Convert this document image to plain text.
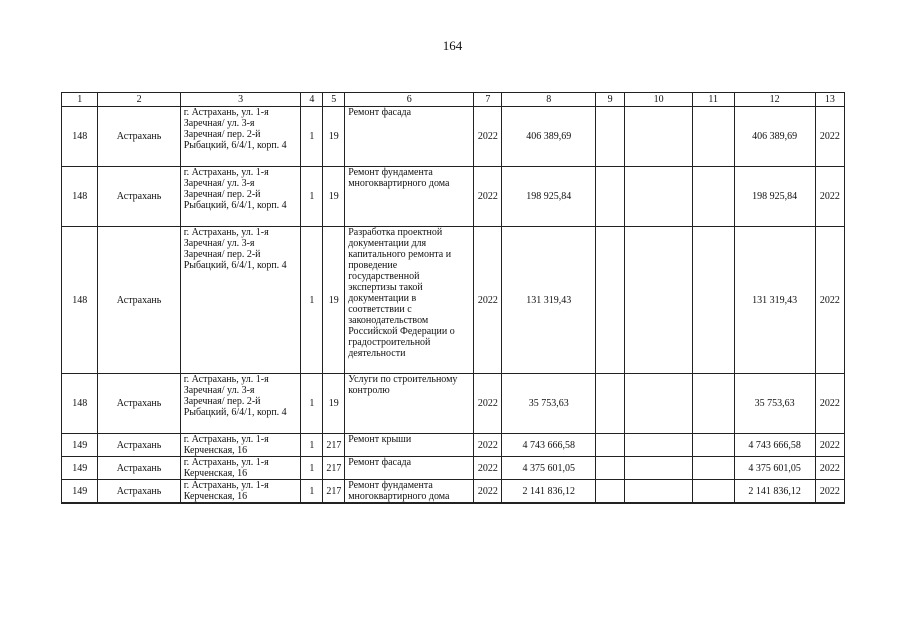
164
1	2	3	4	5	6	7	8	9	10	11	12	13
148	Астрахань	г. Астрахань, ул. 1-я Заречная/ ул. 3-я Заречная/ пер. 2-й Рыбацкий, 6/4/1, корп. 4	1	19	Ремонт фасада	2022	406 389,69				406 389,69	2022
148	Астрахань	г. Астрахань, ул. 1-я Заречная/ ул. 3-я Заречная/ пер. 2-й Рыбацкий, 6/4/1, корп. 4	1	19	Ремонт фундамента многоквартирного дома	2022	198 925,84				198 925,84	2022
148	Астрахань	г. Астрахань, ул. 1-я Заречная/ ул. 3-я Заречная/ пер. 2-й Рыбацкий, 6/4/1, корп. 4	1	19	Разработка проектной документации для капитального ремонта и проведение государственной экспертизы такой документации в соответствии с законодательством Российской Федерации о градостроительной деятельности	2022	131 319,43				131 319,43	2022
148	Астрахань	г. Астрахань, ул. 1-я Заречная/ ул. 3-я Заречная/ пер. 2-й Рыбацкий, 6/4/1, корп. 4	1	19	Услуги по строительному контролю	2022	35 753,63				35 753,63	2022
149	Астрахань	г. Астрахань, ул. 1-я Керченская, 16	1	217	Ремонт крыши	2022	4 743 666,58				4 743 666,58	2022
149	Астрахань	г. Астрахань, ул. 1-я Керченская, 16	1	217	Ремонт фасада	2022	4 375 601,05				4 375 601,05	2022
149	Астрахань	г. Астрахань, ул. 1-я Керченская, 16	1	217	Ремонт фундамента многоквартирного дома	2022	2 141 836,12				2 141 836,12	2022
